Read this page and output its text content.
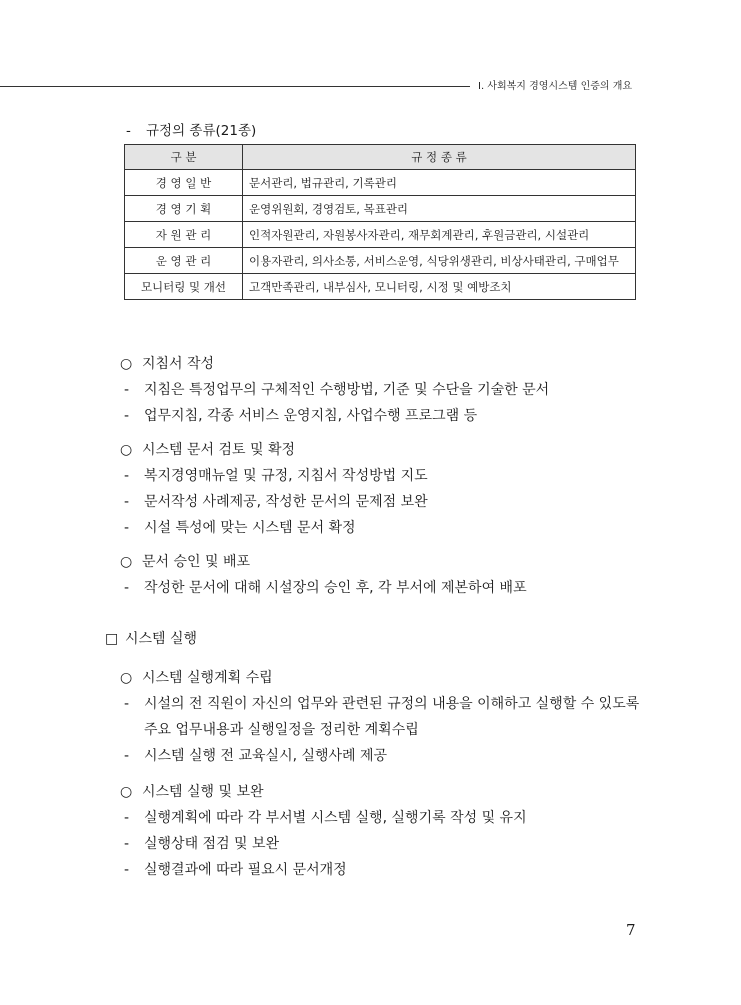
Ⅰ. 사회복지 경영시스템 인증의 개요
- 규정의 종류(21종)
구 분	규 정 종 류
경 영 일 반	문서관리, 법규관리, 기록관리
경 영 기 획	운영위원회, 경영검토, 목표관리
자 원 관 리	인적자원관리, 자원봉사자관리, 재무회계관리, 후원금관리, 시설관리
운 영 관 리	이용자관리, 의사소통, 서비스운영, 식당위생관리, 비상사태관리, 구매업무
모니터링 및 개선	고객만족관리, 내부심사, 모니터링, 시정 및 예방조치
○ 지침서 작성
- 지침은 특정업무의 구체적인 수행방법, 기준 및 수단을 기술한 문서
- 업무지침, 각종 서비스 운영지침, 사업수행 프로그램 등
○ 시스템 문서 검토 및 확정
- 복지경영매뉴얼 및 규정, 지침서 작성방법 지도
- 문서작성 사례제공, 작성한 문서의 문제점 보완
- 시설 특성에 맞는 시스템 문서 확정
○ 문서 승인 및 배포
- 작성한 문서에 대해 시설장의 승인 후, 각 부서에 제본하여 배포
□ 시스템 실행
○ 시스템 실행계획 수립
- 시설의 전 직원이 자신의 업무와 관련된 규정의 내용을 이해하고 실행할 수 있도록
주요 업무내용과 실행일정을 정리한 계획수립
- 시스템 실행 전 교육실시, 실행사례 제공
○ 시스템 실행 및 보완
- 실행계획에 따라 각 부서별 시스템 실행, 실행기록 작성 및 유지
- 실행상태 점검 및 보완
- 실행결과에 따라 필요시 문서개정
7
